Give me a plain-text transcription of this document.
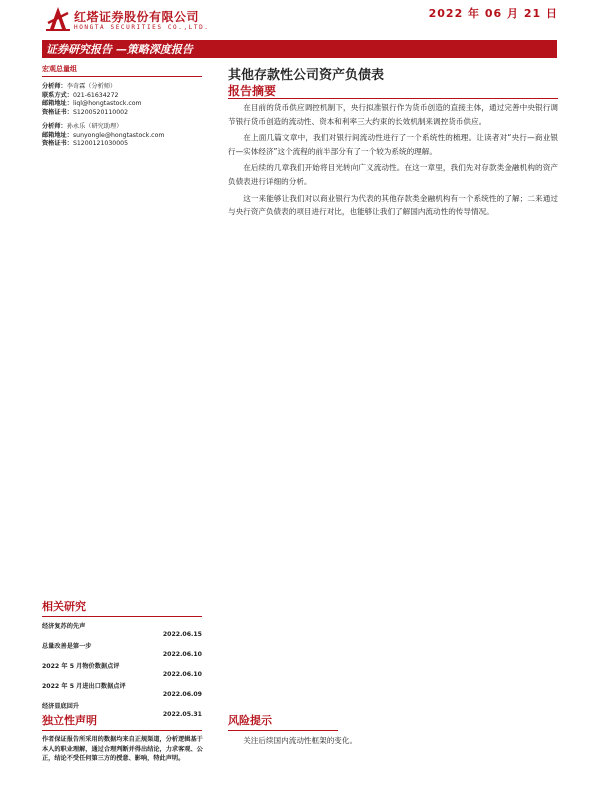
红塔证券股份有限公司
HONGTA SECURITIES CO.,LTD.
2022 年 06 月 21 日
证券研究报告 —策略深度报告
宏观总量组
分析师： 李奇霖（分析师）
联系方式： 021-61634272
邮箱地址： liql@hongtastock.com
资格证书： S1200520110002
分析师： 孙永乐（研究助理）
邮箱地址： sunyongle@hongtastock.com
资格证书： S1200121030005
其他存款性公司资产负债表
报告摘要

在目前的货币供应调控机制下，央行拟准银行作为货币创造的直接主体，通过完善中央银行调节银行货币创造的流动性、资本和利率三大约束的长效机制来调控货币供应。

在上面几篇文章中，我们对银行间流动性进行了一个系统性的梳理。让读者对“央行—商业银行—实体经济”这个流程的前半部分有了一个较为系统的理解。

在后续的几章我们开始将目光转向广义流动性。在这一章里，我们先对存款类金融机构的资产负债表进行详细的分析。

这一来能够让我们对以商业银行为代表的其他存款类金融机构有一个系统性的了解；二来通过与央行资产负债表的项目进行对比，也能够让我们了解国内流动性的传导情况。

相关研究
经济复苏的先声
2022.06.15
总量改善是第一步
2022.06.10
2022 年 5 月物价数据点评
2022.06.10
2022 年 5 月进出口数据点评
2022.06.09
经济显底回升
2022.05.31
独立性声明
作者保证报告所采用的数据均来自正规渠道，分析逻辑基于本人的职业理解，通过合理判断并得出结论，力求客观、公正，结论不受任何第三方的授意、影响，特此声明。
风险提示
关注后续国内流动性框架的变化。
